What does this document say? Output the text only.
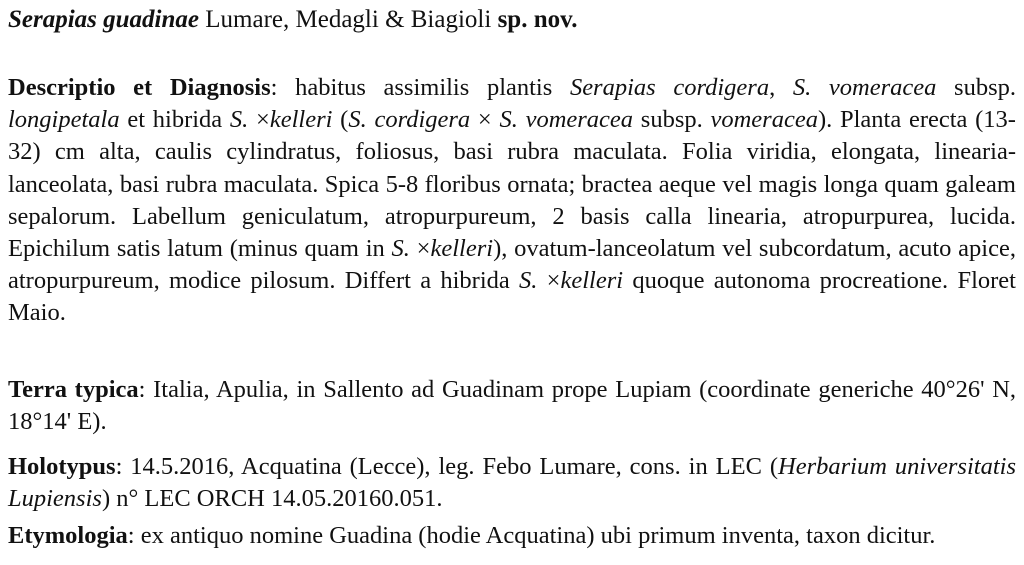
Serapias guadinae Lumare, Medagli & Biagioli sp. nov.

Descriptio et Diagnosis: habitus assimilis plantis Serapias cordigera, S. vomeracea subsp. longipetala et hibrida S. ×kelleri (S. cordigera × S. vomeracea subsp. vomeracea). Planta erecta (13-32) cm alta, caulis cylindratus, foliosus, basi rubra maculata. Folia viridia, elongata, linearia-lanceolata, basi rubra maculata. Spica 5-8 floribus ornata; bractea aeque vel magis longa quam galeam sepalorum. Labellum geniculatum, atropurpureum, 2 basis calla linearia, atropurpurea, lucida. Epichilum satis latum (minus quam in S. ×kelleri), ovatum-lanceolatum vel subcordatum, acuto apice, atropurpureum, modice pilosum. Differt a hibrida S. ×kelleri quoque autonoma procreatione. Floret Maio.

Terra typica: Italia, Apulia, in Sallento ad Guadinam prope Lupiam (coordinate generiche 40°26' N, 18°14' E).

Holotypus: 14.5.2016, Acquatina (Lecce), leg. Febo Lumare, cons. in LEC (Herbarium universitatis Lupiensis) n° LEC ORCH 14.05.20160.051.

Etymologia: ex antiquo nomine Guadina (hodie Acquatina) ubi primum inventa, taxon dicitur.
